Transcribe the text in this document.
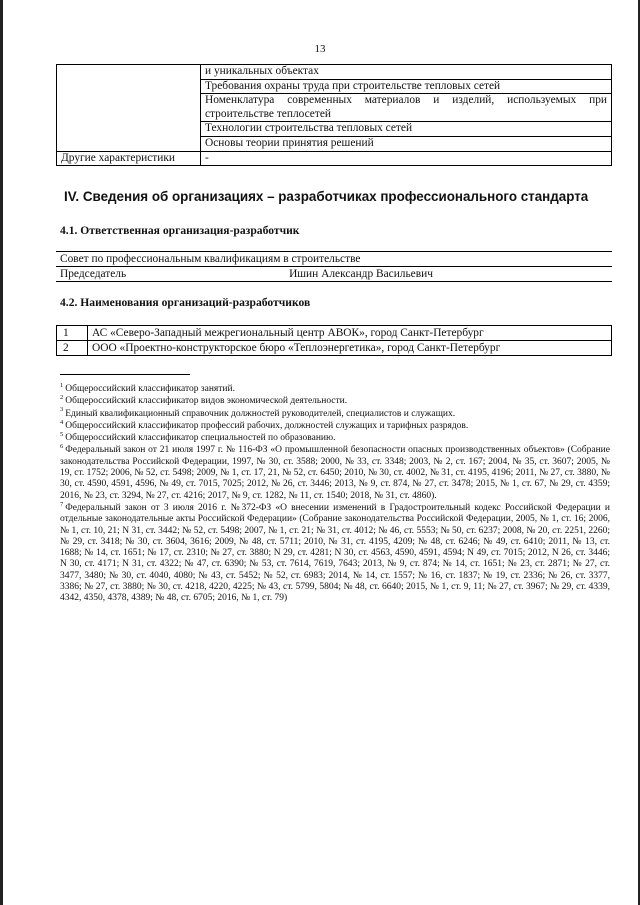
13
	и уникальных объектах
	Требования охраны труда при строительстве тепловых сетей

	Номенклатура современных материалов и изделий, используемых при
строительстве теплосетей

	Технологии строительства тепловых сетей
	Основы теории принятия решений
Другие характеристики	-
IV. Сведения об организациях – разработчиках профессионального стандарта
4.1. Ответственная организация-разработчик
Совет по профессиональным квалификациям в строительстве
Председатель	Ишин Александр Васильевич
4.2. Наименования организаций-разработчиков
1	АС «Северо-Западный межрегиональный центр АВОК», город Санкт-Петербург
2	ООО «Проектно-конструкторское бюро «Теплоэнергетика», город Санкт-Петербург

$^1$ Общероссийский классификатор занятий.

$^2$ Общероссийский классификатор видов экономической деятельности.

$^3$ Единый квалификационный справочник должностей руководителей, специалистов и служащих.

$^4$ Общероссийский классификатор профессий рабочих, должностей служащих и тарифных разрядов.

$^5$ Общероссийский классификатор специальностей по образованию.

$^6$ Федеральный закон от 21 июля 1997 г. № 116-ФЗ «О промышленной безопасности опасных производственных объектов» (Собрание законодательства Российской Федерации, 1997, № 30, ст. 3588; 2000, № 33, ст. 3348; 2003, № 2, ст. 167; 2004, № 35, ст. 3607; 2005, № 19, ст. 1752; 2006, № 52, ст. 5498; 2009, № 1, ст. 17, 21, № 52, ст. 6450; 2010, № 30, ст. 4002, № 31, ст. 4195, 4196; 2011, № 27, ст. 3880, № 30, ст. 4590, 4591, 4596, № 49, ст. 7015, 7025; 2012, № 26, ст. 3446; 2013, № 9, ст. 874, № 27, ст. 3478; 2015, № 1, ст. 67, № 29, ст. 4359; 2016, № 23, ст. 3294, № 27, ст. 4216; 2017, № 9, ст. 1282, № 11, ст. 1540; 2018, № 31, ст. 4860).

$^7$ Федеральный закон от 3 июля 2016 г. №372-ФЗ «О внесении изменений в Градостроительный кодекс Российской Федерации и отдельные законодательные акты Российской Федерации» (Собрание законодательства Российской Федерации, 2005, № 1, ст. 16; 2006, № 1, ст. 10, 21; N 31, ст. 3442; № 52, ст. 5498; 2007, № 1, ст. 21; № 31, ст. 4012; № 46, ст. 5553; № 50, ст. 6237; 2008, № 20, ст. 2251, 2260; № 29, ст. 3418; № 30, ст. 3604, 3616; 2009, № 48, ст. 5711; 2010, № 31, ст. 4195, 4209; № 48, ст. 6246; № 49, ст. 6410; 2011, № 13, ст. 1688; № 14, ст. 1651; № 17, ст. 2310; № 27, ст. 3880; N 29, ст. 4281; N 30, ст. 4563, 4590, 4591, 4594; N 49, ст. 7015; 2012, N 26, ст. 3446; N 30, ст. 4171; N 31, ст. 4322; № 47, ст. 6390; № 53, ст. 7614, 7619, 7643; 2013, № 9, ст. 874; № 14, ст. 1651; № 23, ст. 2871; № 27, ст. 3477, 3480; № 30, ст. 4040, 4080; № 43, ст. 5452; № 52, ст. 6983; 2014, № 14, ст. 1557; № 16, ст. 1837; № 19, ст. 2336; № 26, ст. 3377, 3386; № 27, ст. 3880; № 30, ст. 4218, 4220, 4225; № 43, ст. 5799, 5804; № 48, ст. 6640; 2015, № 1, ст. 9, 11; № 27, ст. 3967; № 29, ст. 4339, 4342, 4350, 4378, 4389; № 48, ст. 6705; 2016, № 1, ст. 79)
